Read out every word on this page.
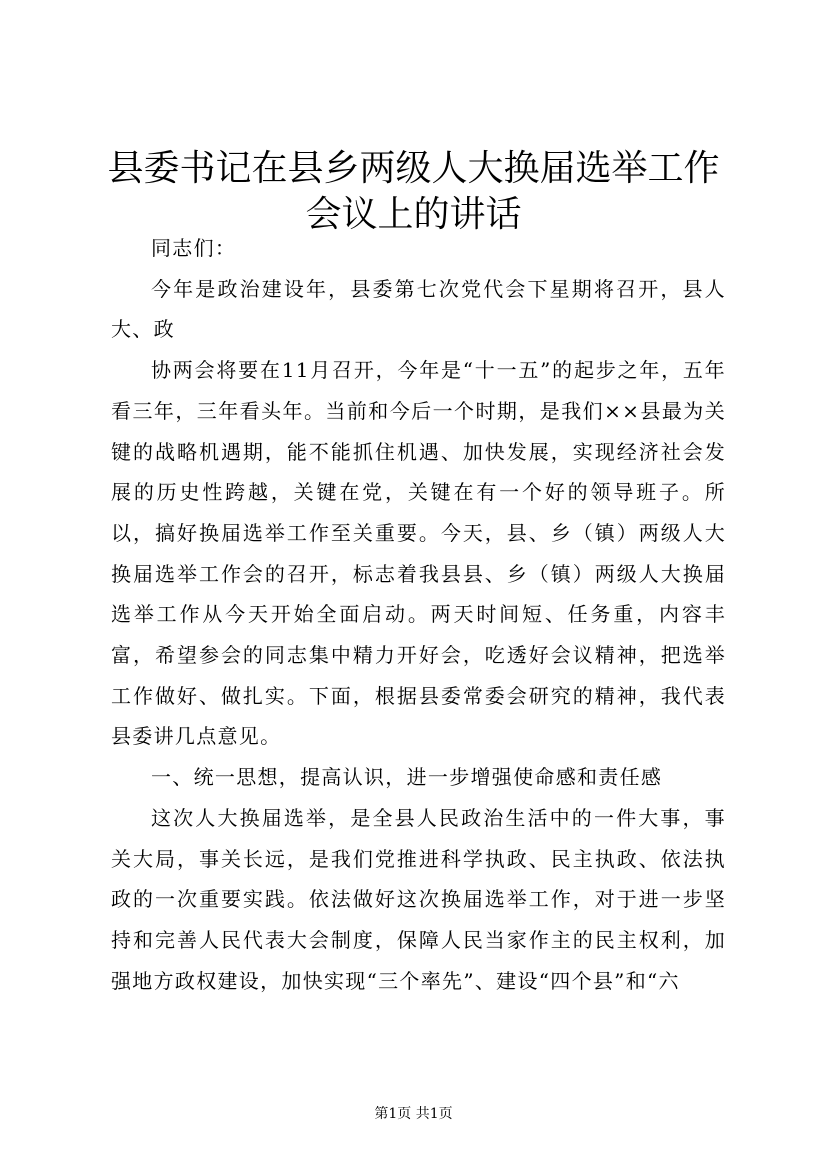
县委书记在县乡两级人大换届选举工作会议上的讲话

同志们：

今年是政治建设年，县委第七次党代会下星期将召开，县人大、政

协两会将要在11月召开，今年是“十一五”的起步之年，五年看三年，三年看头年。当前和今后一个时期，是我们××县最为关键的战略机遇期，能不能抓住机遇、加快发展，实现经济社会发展的历史性跨越，关键在党，关键在有一个好的领导班子。所以，搞好换届选举工作至关重要。今天，县、乡（镇）两级人大换届选举工作会的召开，标志着我县县、乡（镇）两级人大换届选举工作从今天开始全面启动。两天时间短、任务重，内容丰富，希望参会的同志集中精力开好会，吃透好会议精神，把选举工作做好、做扎实。下面，根据县委常委会研究的精神，我代表县委讲几点意见。

一、统一思想，提高认识，进一步增强使命感和责任感

这次人大换届选举，是全县人民政治生活中的一件大事，事关大局，事关长远，是我们党推进科学执政、民主执政、依法执政的一次重要实践。依法做好这次换届选举工作，对于进一步坚持和完善人民代表大会制度，保障人民当家作主的民主权利，加强地方政权建设，加快实现“三个率先”、建设“四个县”和“六

第1页 共1页
